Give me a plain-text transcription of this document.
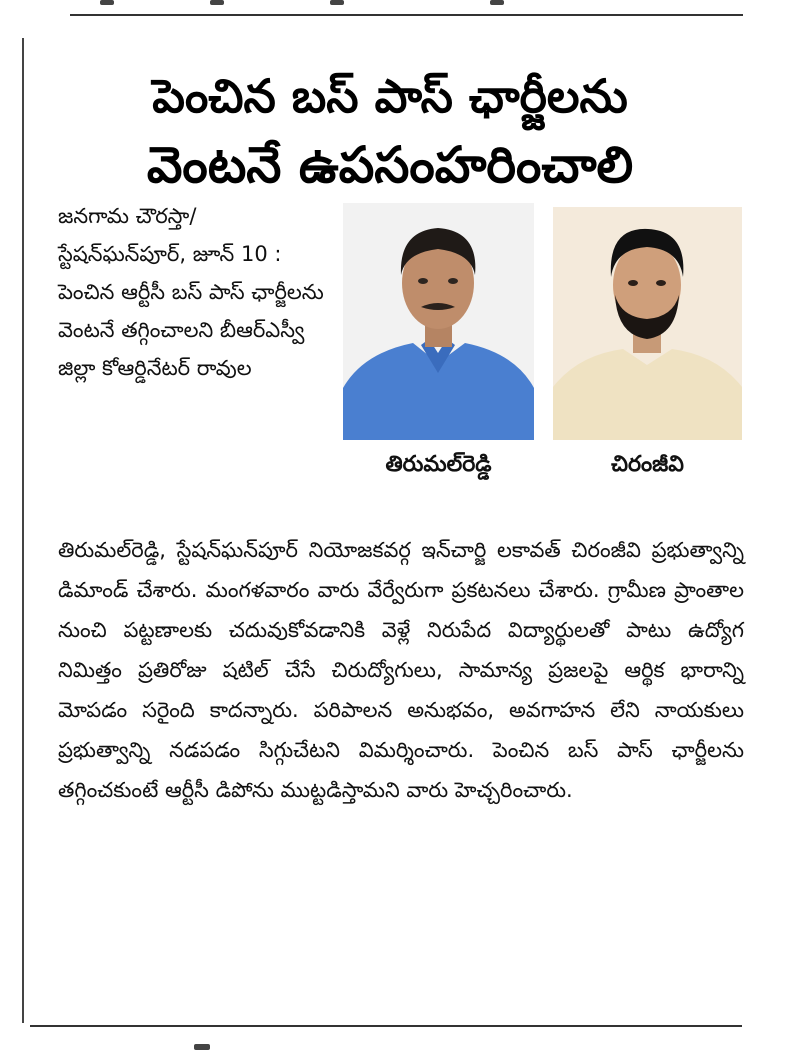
పెంచిన బస్ పాస్ ఛార్జీలను
వెంటనే ఉపసంహరించాలి

జనగామ చౌరస్తా/ స్టేషన్‌ఘన్‌పూర్, జూన్ 10 : పెంచిన ఆర్టీసీ బస్ పాస్ ఛార్జీలను వెంటనే తగ్గించాలని బీఆర్ఎస్వీ జిల్లా కోఆర్డినేటర్ రావుల

తిరుమల్‌రెడ్డి	చిరంజీవి

తిరుమల్‌రెడ్డి, స్టేషన్‌ఘన్‌పూర్ నియోజకవర్గ ఇన్‌చార్జి లకావత్ చిరంజీవి ప్రభుత్వాన్ని డిమాండ్ చేశారు. మంగళవారం వారు వేర్వేరుగా ప్రకటనలు చేశారు. గ్రామీణ ప్రాంతాల నుంచి పట్టణాలకు చదువుకోవడానికి వెళ్లే నిరుపేద విద్యార్థులతో పాటు ఉద్యోగ నిమిత్తం ప్రతిరోజు షటిల్ చేసే చిరుద్యోగులు, సామాన్య ప్రజలపై ఆర్థిక భారాన్ని మోపడం సరైంది కాదన్నారు. పరిపాలన అనుభవం, అవగాహన లేని నాయకులు ప్రభుత్వాన్ని నడపడం సిగ్గుచేటని విమర్శించారు. పెంచిన బస్ పాస్ ఛార్జీలను తగ్గించకుంటే ఆర్టీసీ డిపోను ముట్టడిస్తామని వారు హెచ్చరించారు.
